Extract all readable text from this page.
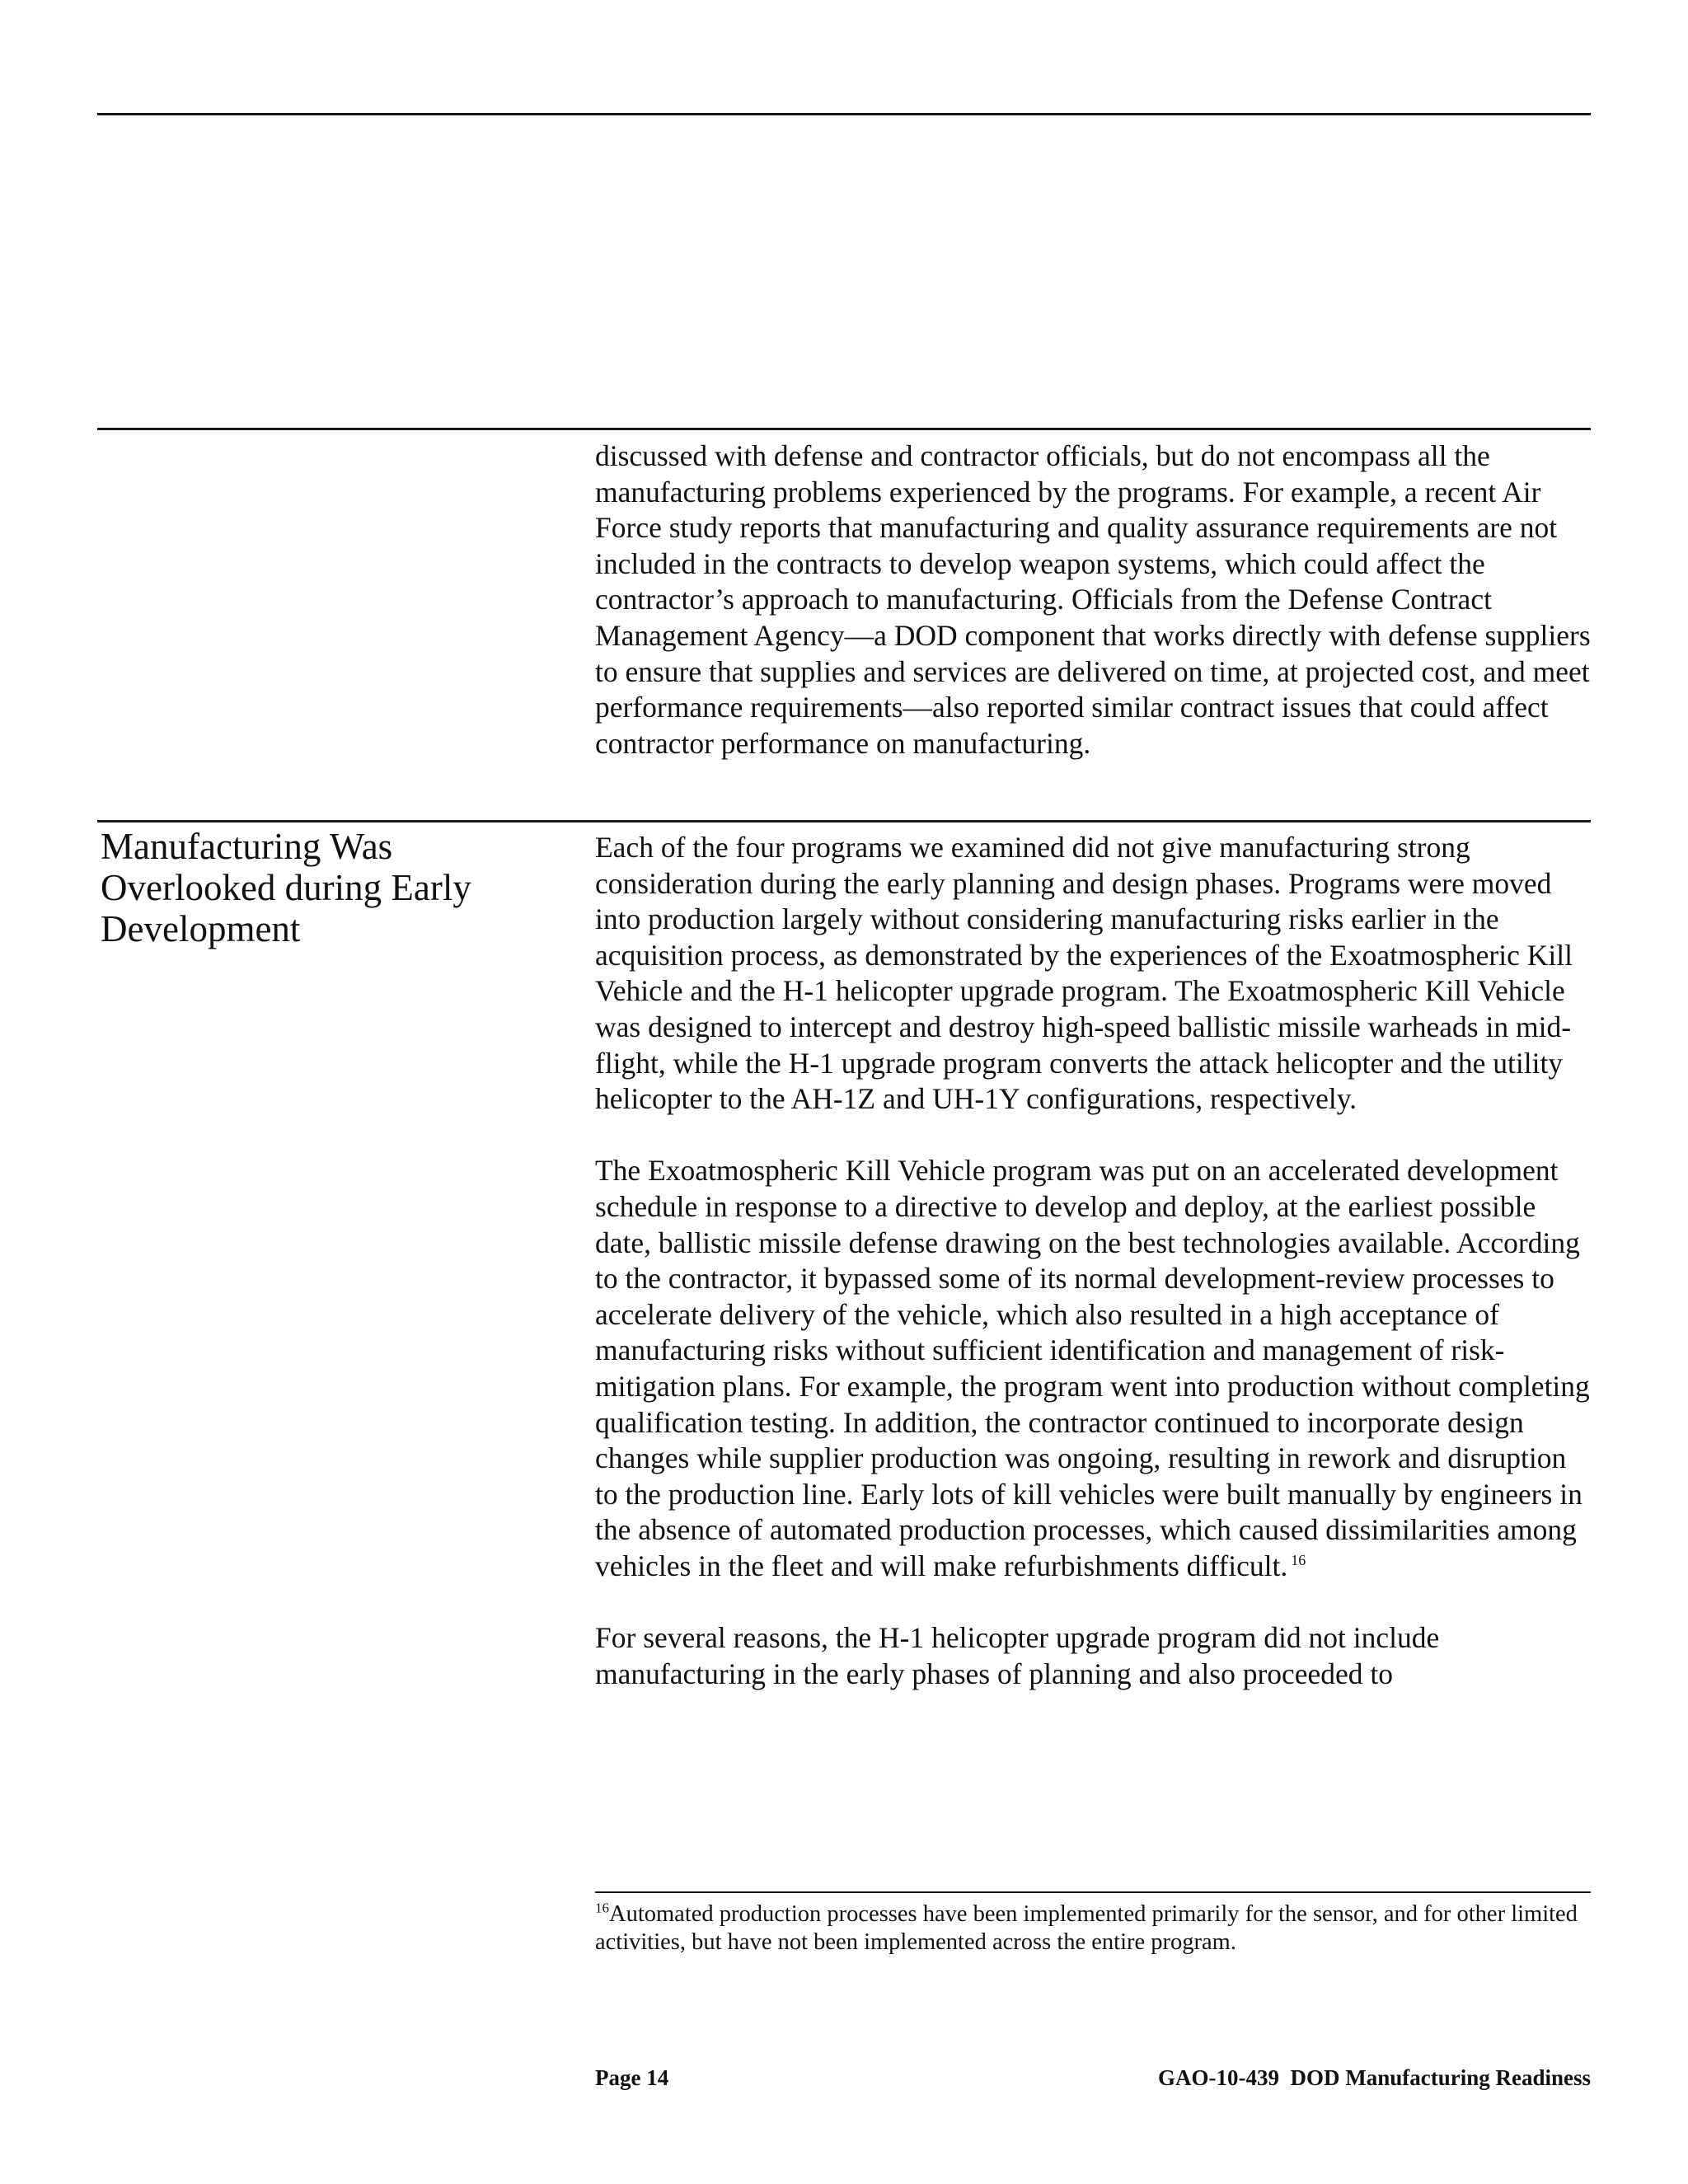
discussed with defense and contractor officials, but do not encompass all the manufacturing problems experienced by the programs. For example, a recent Air Force study reports that manufacturing and quality assurance requirements are not included in the contracts to develop weapon systems, which could affect the contractor’s approach to manufacturing. Officials from the Defense Contract Management Agency—a DOD component that works directly with defense suppliers to ensure that supplies and services are delivered on time, at projected cost, and meet performance requirements—also reported similar contract issues that could affect contractor performance on manufacturing.

Manufacturing Was Overlooked during Early Development

Each of the four programs we examined did not give manufacturing strong consideration during the early planning and design phases. Programs were moved into production largely without considering manufacturing risks earlier in the acquisition process, as demonstrated by the experiences of the Exoatmospheric Kill Vehicle and the H-1 helicopter upgrade program. The Exoatmospheric Kill Vehicle was designed to intercept and destroy high-speed ballistic missile warheads in mid-flight, while the H-1 upgrade program converts the attack helicopter and the utility helicopter to the AH-1Z and UH-1Y configurations, respectively.

The Exoatmospheric Kill Vehicle program was put on an accelerated development schedule in response to a directive to develop and deploy, at the earliest possible date, ballistic missile defense drawing on the best technologies available. According to the contractor, it bypassed some of its normal development-review processes to accelerate delivery of the vehicle, which also resulted in a high acceptance of manufacturing risks without sufficient identification and management of risk-mitigation plans. For example, the program went into production without completing qualification testing. In addition, the contractor continued to incorporate design changes while supplier production was ongoing, resulting in rework and disruption to the production line. Early lots of kill vehicles were built manually by engineers in the absence of automated production processes, which caused dissimilarities among vehicles in the fleet and will make refurbishments difficult. $^{16}$

For several reasons, the H-1 helicopter upgrade program did not include manufacturing in the early phases of planning and also proceeded to

$^{16}$Automated production processes have been implemented primarily for the sensor, and for other limited activities, but have not been implemented across the entire program.
Page 14	GAO-10-439  DOD Manufacturing Readiness
